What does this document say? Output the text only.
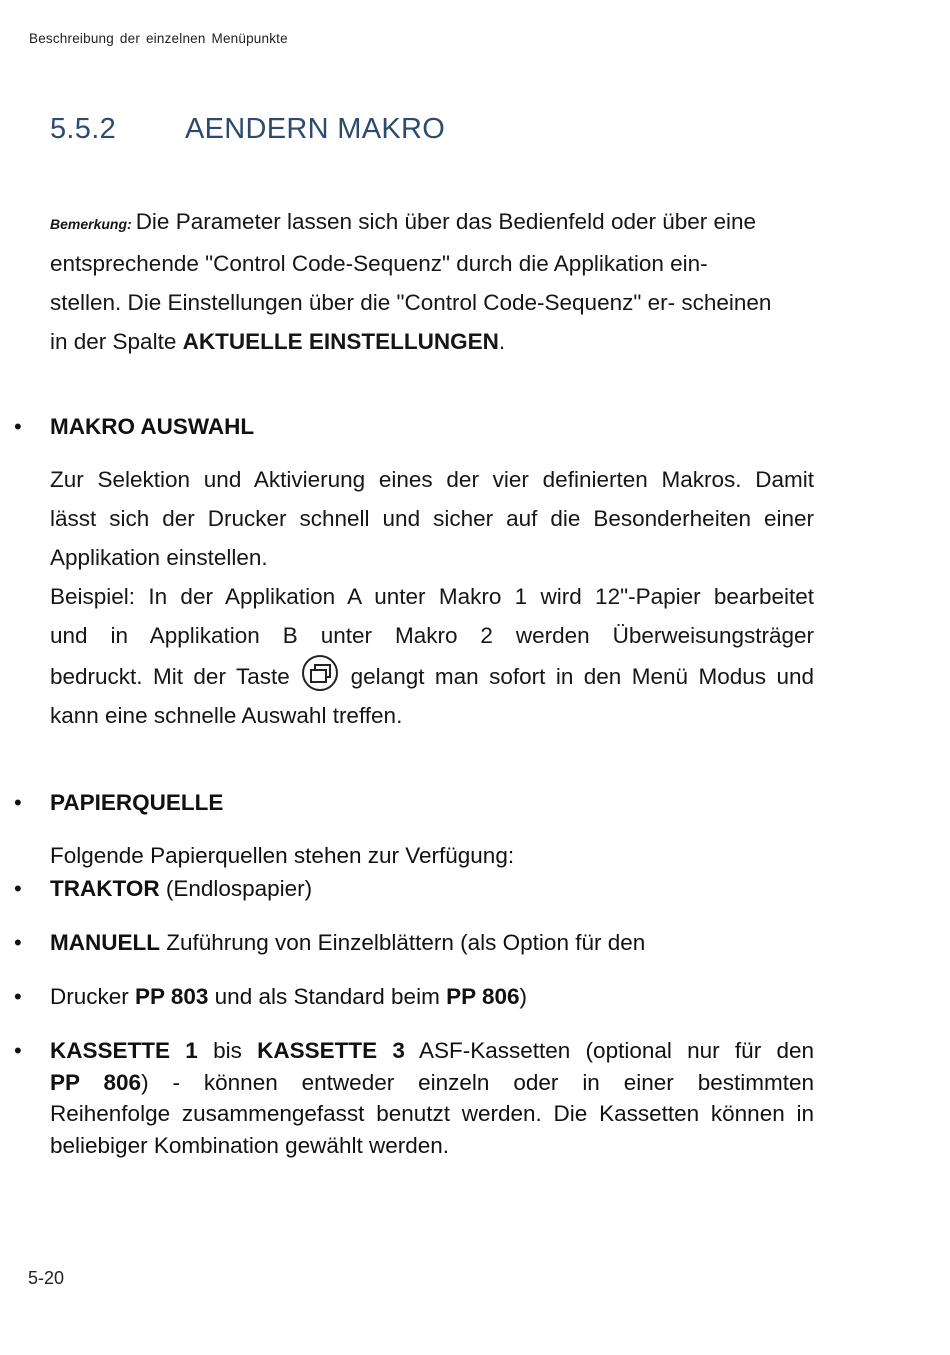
Beschreibung der einzelnen Menüpunkte
5.5.2 AENDERN MAKRO
Bemerkung: Die Parameter lassen sich über das Bedienfeld oder über eine
entsprechende "Control Code-Sequenz" durch die Applikation ein-
stellen. Die Einstellungen über die "Control Code-Sequenz" er- scheinen
in der Spalte AKTUELLE EINSTELLUNGEN.
• MAKRO AUSWAHL
Zur Selektion und Aktivierung eines der vier definierten Makros. Damit
lässt sich der Drucker schnell und sicher auf die Besonderheiten einer
Applikation einstellen.
Beispiel: In der Applikation A unter Makro 1 wird 12"-Papier bearbeitet
und in Applikation B unter Makro 2 werden Überweisungsträger
bedruckt. Mit der Taste	gelangt man sofort in den Menü Modus und
kann eine schnelle Auswahl treffen.
• PAPIERQUELLE
Folgende Papierquellen stehen zur Verfügung:
• TRAKTOR (Endlospapier)
• MANUELL Zuführung von Einzelblättern (als Option für den
• Drucker PP 803 und als Standard beim PP 806)
• KASSETTE 1 bis KASSETTE 3 ASF-Kassetten (optional nur für den
PP 806) - können entweder einzeln oder in einer bestimmten
Reihenfolge zusammengefasst benutzt werden. Die Kassetten können in
beliebiger Kombination gewählt werden.
5-20
